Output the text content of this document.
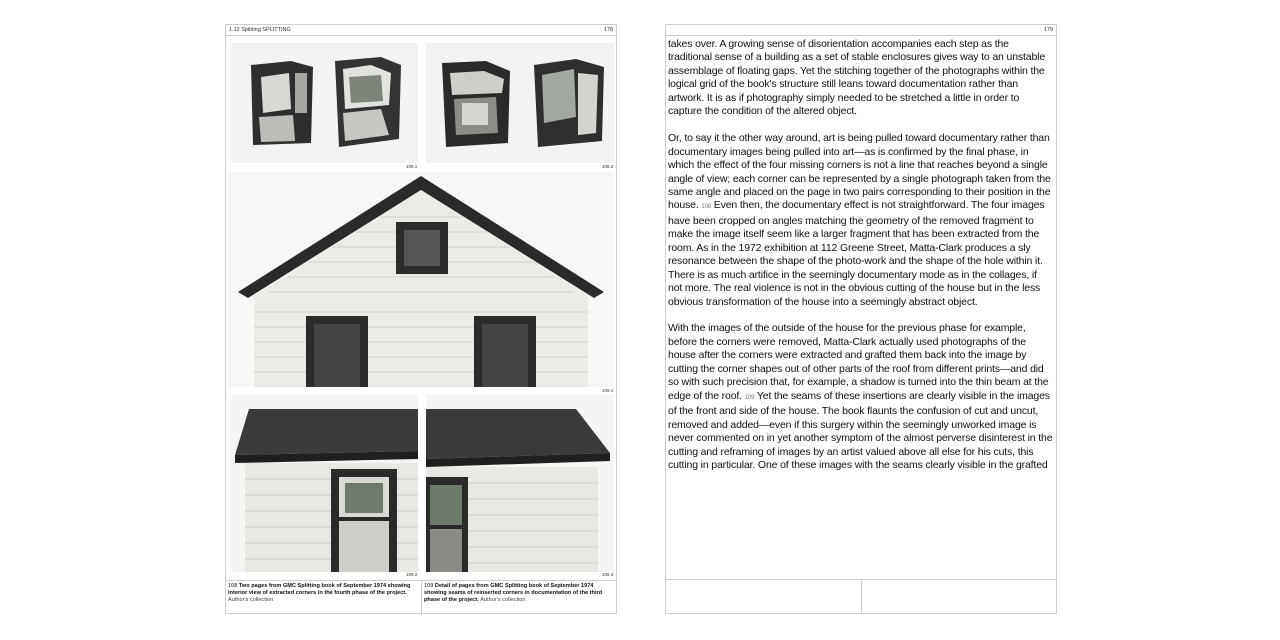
1.12 Splitting SPLITTING	178
108.1	108.2
109.1
109.2	109.3
108 Two pages from GMC Splitting book of September 1974 showing interior view of extracted corners in the fourth phase of the project. Author's collection
109 Detail of pages from GMC Splitting book of September 1974 showing seams of reinserted corners in documentation of the third phase of the project. Author's collection
179

takes over. A growing sense of disorientation accompanies each step as the traditional sense of a building as a set of stable enclosures gives way to an unstable assemblage of floating gaps. Yet the stitching together of the photographs within the logical grid of the book's structure still leans toward documentation rather than artwork. It is as if photography simply needed to be stretched a little in order to capture the condition of the altered object.

Or, to say it the other way around, art is being pulled toward documentary rather than documentary images being pulled into art—as is confirmed by the final phase, in which the effect of the four missing corners is not a line that reaches beyond a single angle of view; each corner can be represented by a single photograph taken from the same angle and placed on the page in two pairs corresponding to their position in the house. 108 Even then, the documentary effect is not straightforward. The four images have been cropped on angles matching the geometry of the removed fragment to make the image itself seem like a larger fragment that has been extracted from the room. As in the 1972 exhibition at 112 Greene Street, Matta-Clark produces a sly resonance between the shape of the photo-work and the shape of the hole within it. There is as much artifice in the seemingly documentary mode as in the collages, if not more. The real violence is not in the obvious cutting of the house but in the less obvious transformation of the house into a seemingly abstract object.

With the images of the outside of the house for the previous phase for example, before the corners were removed, Matta-Clark actually used photographs of the house after the corners were extracted and grafted them back into the image by cutting the corner shapes out of other parts of the roof from different prints—and did so with such precision that, for example, a shadow is turned into the thin beam at the edge of the roof. 109 Yet the seams of these insertions are clearly visible in the images of the front and side of the house. The book flaunts the confusion of cut and uncut, removed and added—even if this surgery within the seemingly unworked image is never commented on in yet another symptom of the almost perverse disinterest in the cutting and reframing of images by an artist valued above all else for his cuts, this cutting in particular. One of these images with the seams clearly visible in the grafted
